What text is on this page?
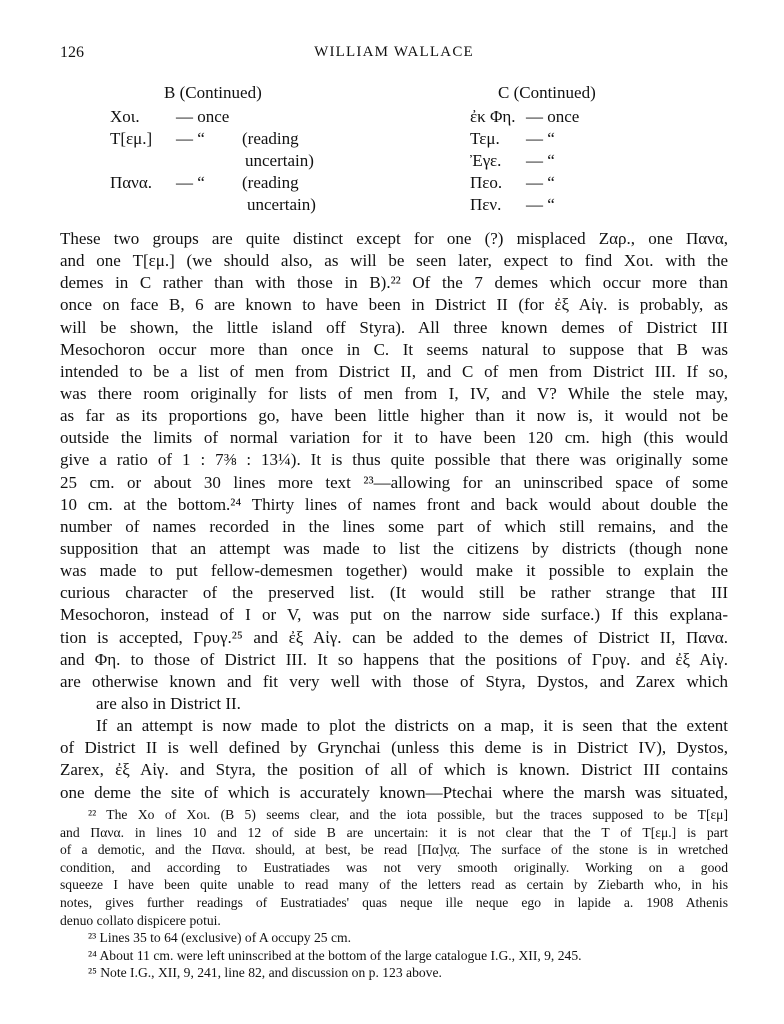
126	WILLIAM WALLACE
B (Continued)
Χοι. — once
Τ[εμ.] — “ (reading
uncertain)
Πανα. — “ (reading
uncertain)
C (Continued)
ἐκ Φη. — once
Τεμ. — “
Ἐγε. — “
Πεο. — “
Πεν. — “
These two groups are quite distinct except for one (?) misplaced Ζαρ., one Πανα,
and one Τ[εμ.] (we should also, as will be seen later, expect to find Χοι. with the
demes in C rather than with those in B).²² Of the 7 demes which occur more than
once on face B, 6 are known to have been in District II (for ἐξ Αἰγ. is probably, as
will be shown, the little island off Styra). All three known demes of District III
Mesochoron occur more than once in C. It seems natural to suppose that B was
intended to be a list of men from District II, and C of men from District III. If so,
was there room originally for lists of men from I, IV, and V? While the stele may,
as far as its proportions go, have been little higher than it now is, it would not be
outside the limits of normal variation for it to have been 120 cm. high (this would
give a ratio of 1 : 7⅜ : 13¼). It is thus quite possible that there was originally some
25 cm. or about 30 lines more text ²³—allowing for an uninscribed space of some
10 cm. at the bottom.²⁴ Thirty lines of names front and back would about double the
number of names recorded in the lines some part of which still remains, and the
supposition that an attempt was made to list the citizens by districts (though none
was made to put fellow-demesmen together) would make it possible to explain the
curious character of the preserved list. (It would still be rather strange that III
Mesochoron, instead of I or V, was put on the narrow side surface.) If this explana-
tion is accepted, Γρυγ.²⁵ and ἐξ Αἰγ. can be added to the demes of District II, Πανα.
and Φη. to those of District III. It so happens that the positions of Γρυγ. and ἐξ Αἰγ.
are otherwise known and fit very well with those of Styra, Dystos, and Zarex which
are also in District II.
If an attempt is now made to plot the districts on a map, it is seen that the extent
of District II is well defined by Grynchai (unless this deme is in District IV), Dystos,
Zarex, ἐξ Αἰγ. and Styra, the position of all of which is known. District III contains
one deme the site of which is accurately known—Ptechai where the marsh was situated,
²² The Χο of Χοι. (B 5) seems clear, and the iota possible, but the traces supposed to be Τ[εμ]
and Πανα. in lines 10 and 12 of side B are uncertain: it is not clear that the Τ of Τ[εμ.] is part
of a demotic, and the Πανα. should, at best, be read [Πα]ν̣α̣. The surface of the stone is in wretched
condition, and according to Eustratiades was not very smooth originally. Working on a good
squeeze I have been quite unable to read many of the letters read as certain by Ziebarth who, in his
notes, gives further readings of Eustratiades' quas neque ille neque ego in lapide a. 1908 Athenis
denuo collato dispicere potui.
²³ Lines 35 to 64 (exclusive) of A occupy 25 cm.
²⁴ About 11 cm. were left uninscribed at the bottom of the large catalogue I.G., XII, 9, 245.
²⁵ Note I.G., XII, 9, 241, line 82, and discussion on p. 123 above.
